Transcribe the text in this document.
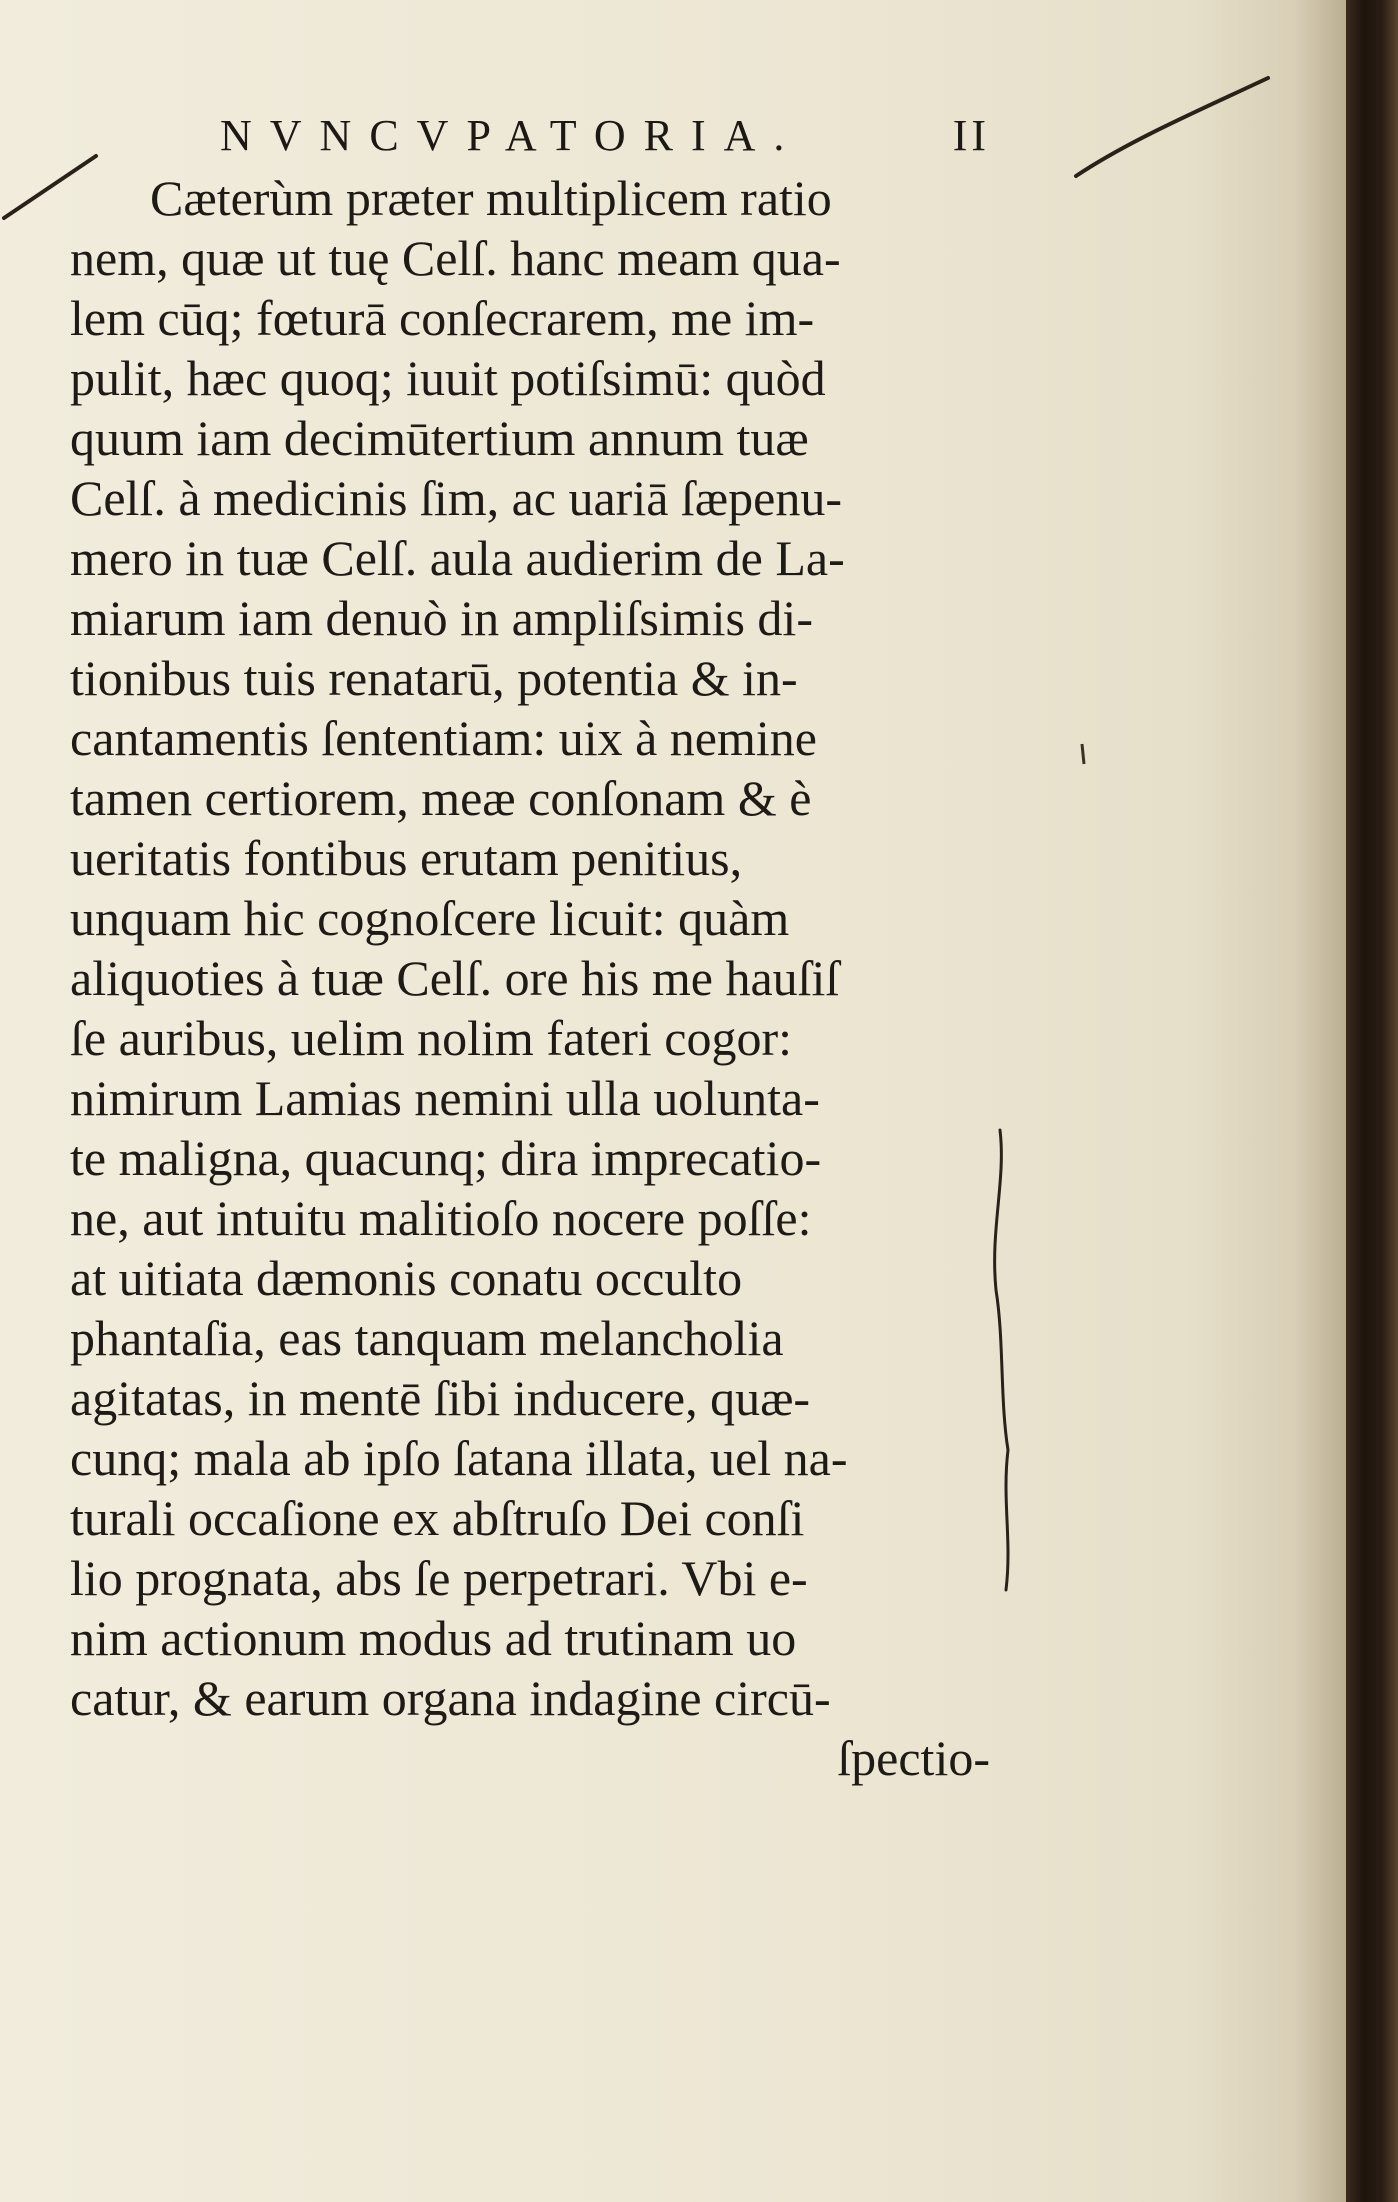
NVNCVPATORIA.	II
Cæterùm præter multiplicem ratio
nem, quæ ut tuę Celſ. hanc meam qua-
lem cūq; fœturā conſecrarem, me im-
pulit, hæc quoq; iuuit potiſsimū: quòd
quum iam decimūtertium annum tuæ
Celſ. à medicinis ſim, ac uariā ſæpenu-
mero in tuæ Celſ. aula audierim de La-
miarum iam denuò in ampliſsimis di-
tionibus tuis renatarū, potentia & in-
cantamentis ſententiam: uix à nemine
tamen certiorem, meæ conſonam & è
ueritatis fontibus erutam penitius,
unquam hic cognoſcere licuit: quàm
aliquoties à tuæ Celſ. ore his me hauſiſ
ſe auribus, uelim nolim fateri cogor:
nimirum Lamias nemini ulla uolunta-
te maligna, quacunq; dira imprecatio-
ne, aut intuitu malitioſo nocere poſſe:
at uitiata dæmonis conatu occulto
phantaſia, eas tanquam melancholia
agitatas, in mentē ſibi inducere, quæ-
cunq; mala ab ipſo ſatana illata, uel na-
turali occaſione ex abſtruſo Dei conſi
lio prognata, abs ſe perpetrari. Vbi e-
nim actionum modus ad trutinam uo
catur, & earum organa indagine circū-
ſpectio-
